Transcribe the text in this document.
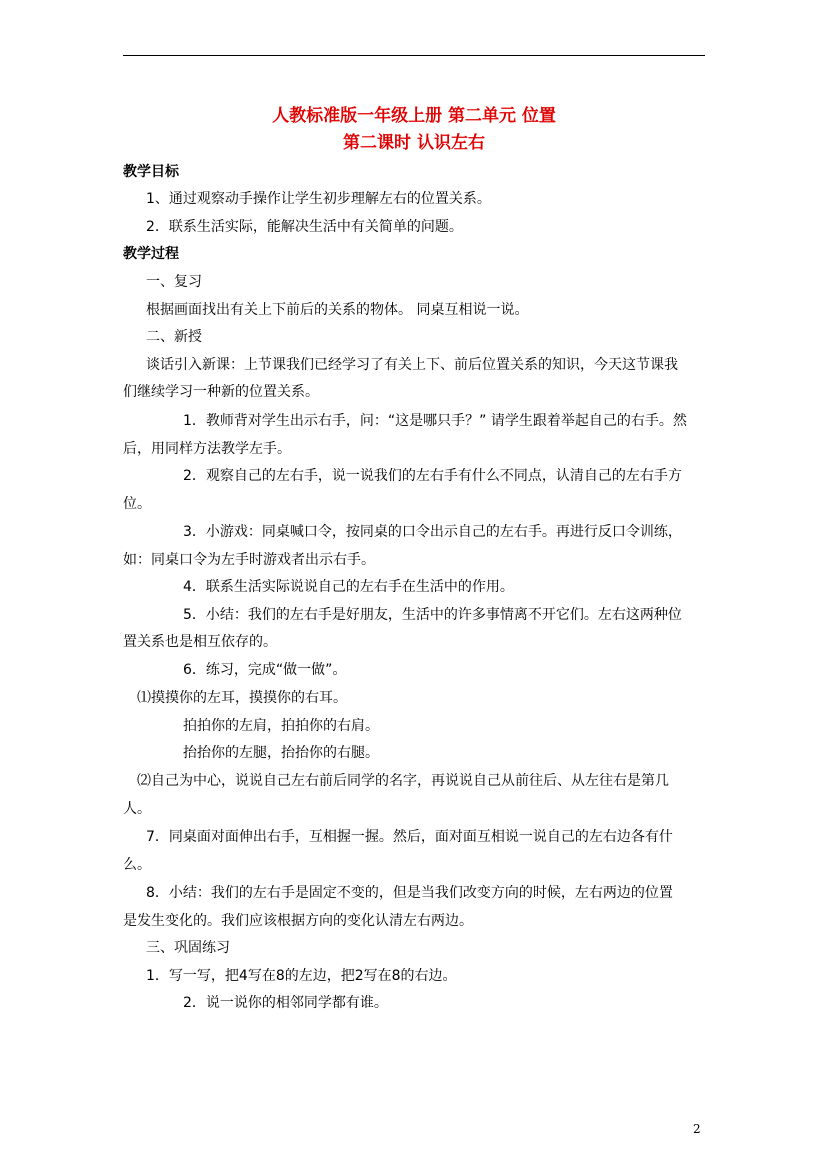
人教标准版一年级上册 第二单元 位置
第二课时 认识左右
教学目标
1、通过观察动手操作让学生初步理解左右的位置关系。
2．联系生活实际，能解决生活中有关简单的问题。
教学过程
一、复习
根据画面找出有关上下前后的关系的物体。 同桌互相说一说。
二、新授
谈话引入新课：上节课我们已经学习了有关上下、前后位置关系的知识，今天这节课我
们继续学习一种新的位置关系。
1．教师背对学生出示右手，问：“这是哪只手？” 请学生跟着举起自己的右手。然
后，用同样方法教学左手。
2．观察自己的左右手，说一说我们的左右手有什么不同点，认清自己的左右手方
位。
3．小游戏：同桌喊口令，按同桌的口令出示自己的左右手。再进行反口令训练，
如：同桌口令为左手时游戏者出示右手。
4．联系生活实际说说自己的左右手在生活中的作用。
5．小结：我们的左右手是好朋友，生活中的许多事情离不开它们。左右这两种位
置关系也是相互依存的。
6．练习，完成“做一做”。
⑴摸摸你的左耳，摸摸你的右耳。
拍拍你的左肩，拍拍你的右肩。
抬抬你的左腿，抬抬你的右腿。
⑵自己为中心，说说自己左右前后同学的名字，再说说自己从前往后、从左往右是第几
人。
7．同桌面对面伸出右手，互相握一握。然后，面对面互相说一说自己的左右边各有什
么。
8．小结：我们的左右手是固定不变的，但是当我们改变方向的时候，左右两边的位置
是发生变化的。我们应该根据方向的变化认清左右两边。
三、巩固练习
1．写一写，把4写在8的左边，把2写在8的右边。
2．说一说你的相邻同学都有谁。
2
